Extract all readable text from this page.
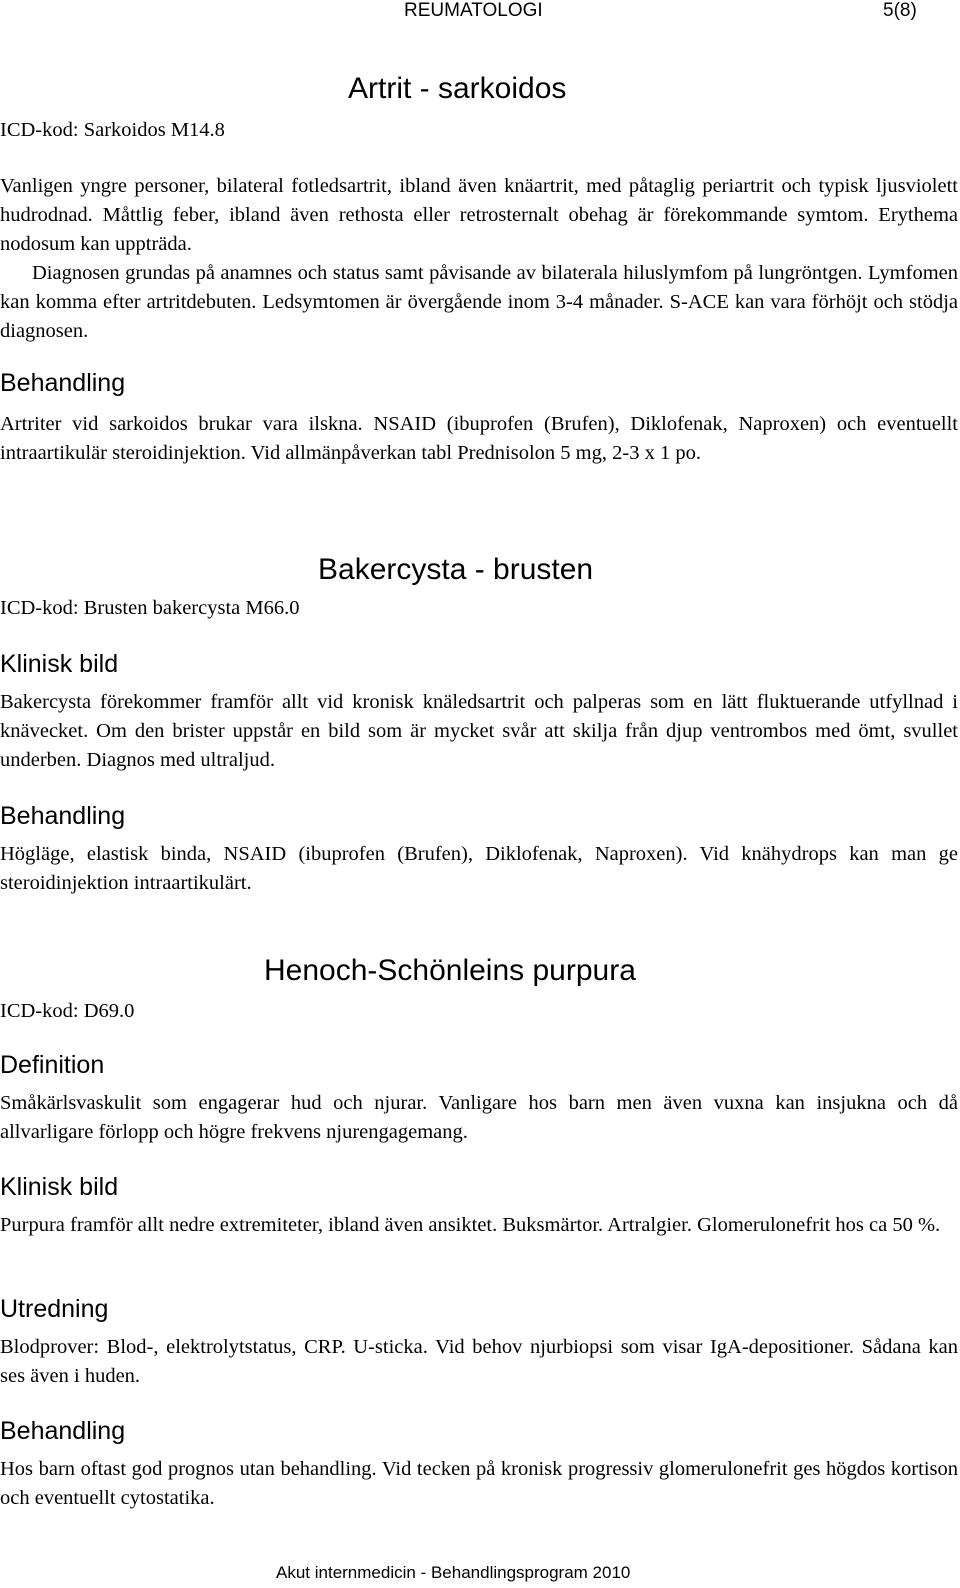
REUMATOLOGI	5(8)
Artrit - sarkoidos
ICD-kod: Sarkoidos M14.8

Vanligen yngre personer, bilateral fotledsartrit, ibland även knäartrit, med påtaglig periartrit och typisk ljusviolett hudrodnad. Måttlig feber, ibland även rethosta eller retrosternalt obehag är förekommande symtom. Erythema nodosum kan uppträda.

Diagnosen grundas på anamnes och status samt påvisande av bilaterala hiluslymfom på lungröntgen. Lymfomen kan komma efter artritdebuten. Ledsymtomen är övergående inom 3-4 månader. S-ACE kan vara förhöjt och stödja diagnosen.

Behandling

Artriter vid sarkoidos brukar vara ilskna. NSAID (ibuprofen (Brufen), Diklofenak, Naproxen) och eventuellt intraartikulär steroidinjektion. Vid allmänpåverkan tabl Prednisolon 5 mg, 2-3 x 1 po.

Bakercysta - brusten
ICD-kod: Brusten bakercysta M66.0
Klinisk bild

Bakercysta förekommer framför allt vid kronisk knäledsartrit och palperas som en lätt fluktuerande utfyllnad i knävecket. Om den brister uppstår en bild som är mycket svår att skilja från djup ventrombos med ömt, svullet underben. Diagnos med ultraljud.

Behandling

Högläge, elastisk binda, NSAID (ibuprofen (Brufen), Diklofenak, Naproxen). Vid knähydrops kan man ge steroidinjektion intraartikulärt.

Henoch-Schönleins purpura
ICD-kod: D69.0
Definition

Småkärlsvaskulit som engagerar hud och njurar. Vanligare hos barn men även vuxna kan insjukna och då allvarligare förlopp och högre frekvens njurengagemang.

Klinisk bild

Purpura framför allt nedre extremiteter, ibland även ansiktet. Buksmärtor. Artralgier. Glomerulonefrit hos ca 50 %.

Utredning

Blodprover: Blod-, elektrolytstatus, CRP. U-sticka. Vid behov njurbiopsi som visar IgA-depositioner. Sådana kan ses även i huden.

Behandling

Hos barn oftast god prognos utan behandling. Vid tecken på kronisk progressiv glomerulonefrit ges högdos kortison och eventuellt cytostatika.

Akut internmedicin - Behandlingsprogram 2010
